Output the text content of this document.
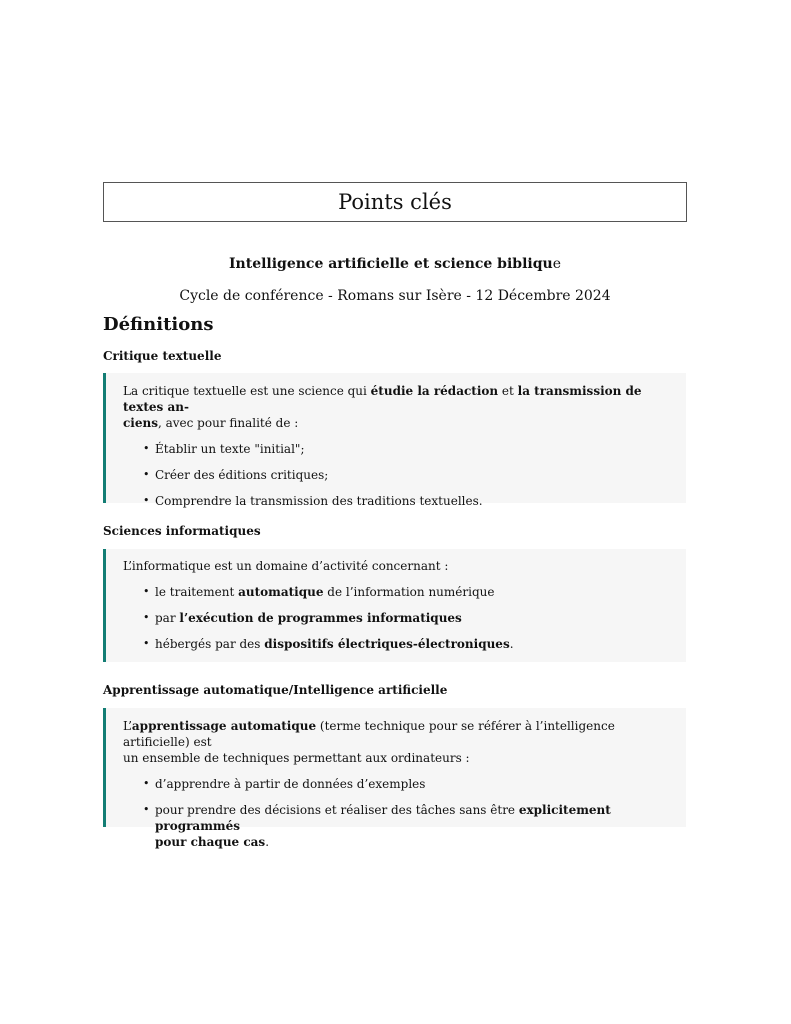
Points clés
Intelligence artificielle et science biblique
Cycle de conférence - Romans sur Isère - 12 Décembre 2024
Définitions
Critique textuelle

La critique textuelle est une science qui étudie la rédaction et la transmission de textes an-
ciens, avec pour finalité de :

• Établir un texte "initial";
• Créer des éditions critiques;
• Comprendre la transmission des traditions textuelles.
Sciences informatiques

L’informatique est un domaine d’activité concernant :

• le traitement automatique de l’information numérique
• par l’exécution de programmes informatiques
• hébergés par des dispositifs électriques-électroniques.
Apprentissage automatique/Intelligence artificielle

L’apprentissage automatique (terme technique pour se référer à l’intelligence artificielle) est
un ensemble de techniques permettant aux ordinateurs :

• d’apprendre à partir de données d’exemples
• pour prendre des décisions et réaliser des tâches sans être explicitement programmés
pour chaque cas.
